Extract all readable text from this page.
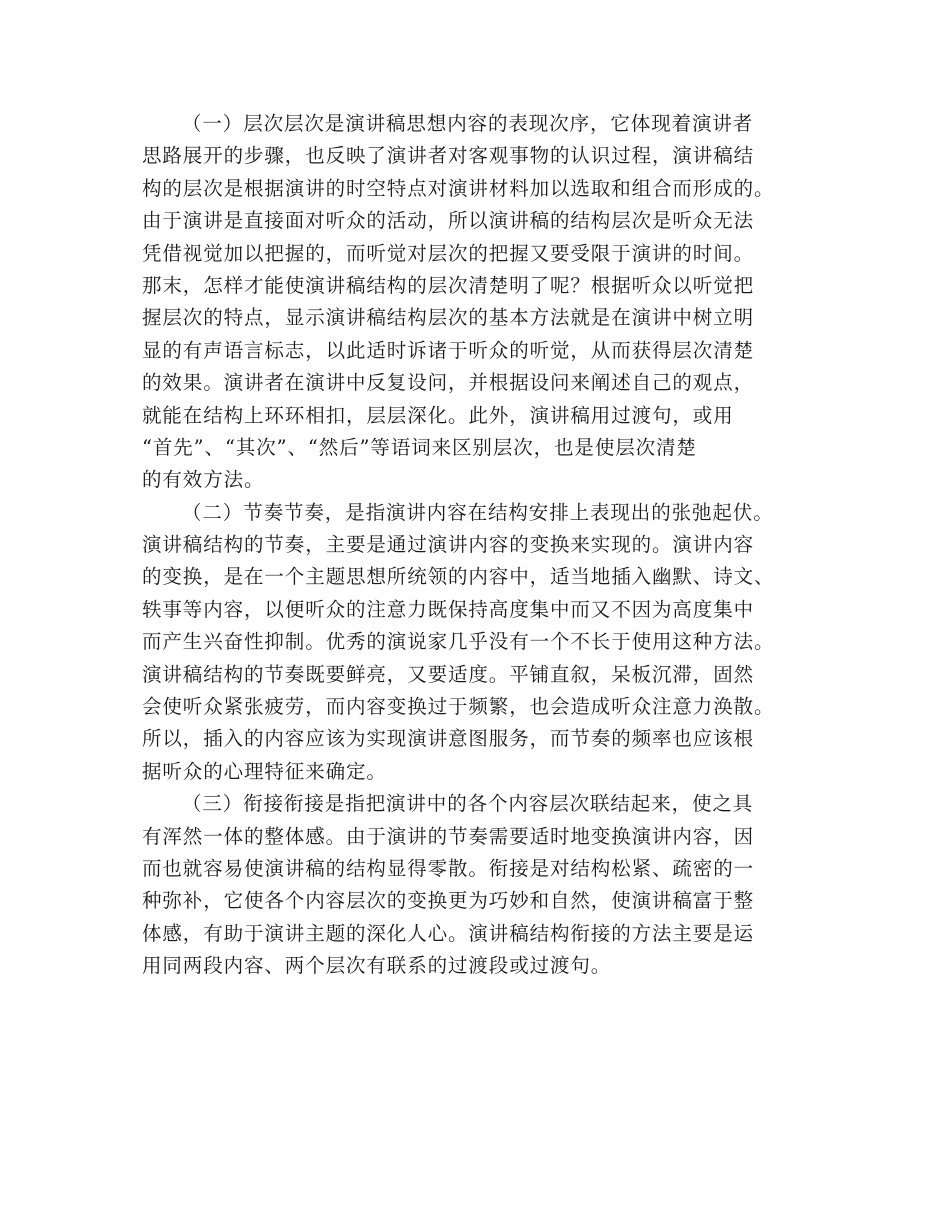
（一）层次层次是演讲稿思想内容的表现次序，它体现着演讲者
思路展开的步骤，也反映了演讲者对客观事物的认识过程，演讲稿结
构的层次是根据演讲的时空特点对演讲材料加以选取和组合而形成的。
由于演讲是直接面对听众的活动，所以演讲稿的结构层次是听众无法
凭借视觉加以把握的，而听觉对层次的把握又要受限于演讲的时间。
那末，怎样才能使演讲稿结构的层次清楚明了呢？根据听众以听觉把
握层次的特点，显示演讲稿结构层次的基本方法就是在演讲中树立明
显的有声语言标志，以此适时诉诸于听众的听觉，从而获得层次清楚
的效果。演讲者在演讲中反复设问，并根据设问来阐述自己的观点，
就能在结构上环环相扣，层层深化。此外，演讲稿用过渡句，或用
“首先”、“其次”、“然后”等语词来区别层次，也是使层次清楚
的有效方法。
（二）节奏节奏，是指演讲内容在结构安排上表现出的张弛起伏。
演讲稿结构的节奏，主要是通过演讲内容的变换来实现的。演讲内容
的变换，是在一个主题思想所统领的内容中，适当地插入幽默、诗文、
轶事等内容，以便听众的注意力既保持高度集中而又不因为高度集中
而产生兴奋性抑制。优秀的演说家几乎没有一个不长于使用这种方法。
演讲稿结构的节奏既要鲜亮，又要适度。平铺直叙，呆板沉滞，固然
会使听众紧张疲劳，而内容变换过于频繁，也会造成听众注意力涣散。
所以，插入的内容应该为实现演讲意图服务，而节奏的频率也应该根
据听众的心理特征来确定。
（三）衔接衔接是指把演讲中的各个内容层次联结起来，使之具
有浑然一体的整体感。由于演讲的节奏需要适时地变换演讲内容，因
而也就容易使演讲稿的结构显得零散。衔接是对结构松紧、疏密的一
种弥补，它使各个内容层次的变换更为巧妙和自然，使演讲稿富于整
体感，有助于演讲主题的深化人心。演讲稿结构衔接的方法主要是运
用同两段内容、两个层次有联系的过渡段或过渡句。
